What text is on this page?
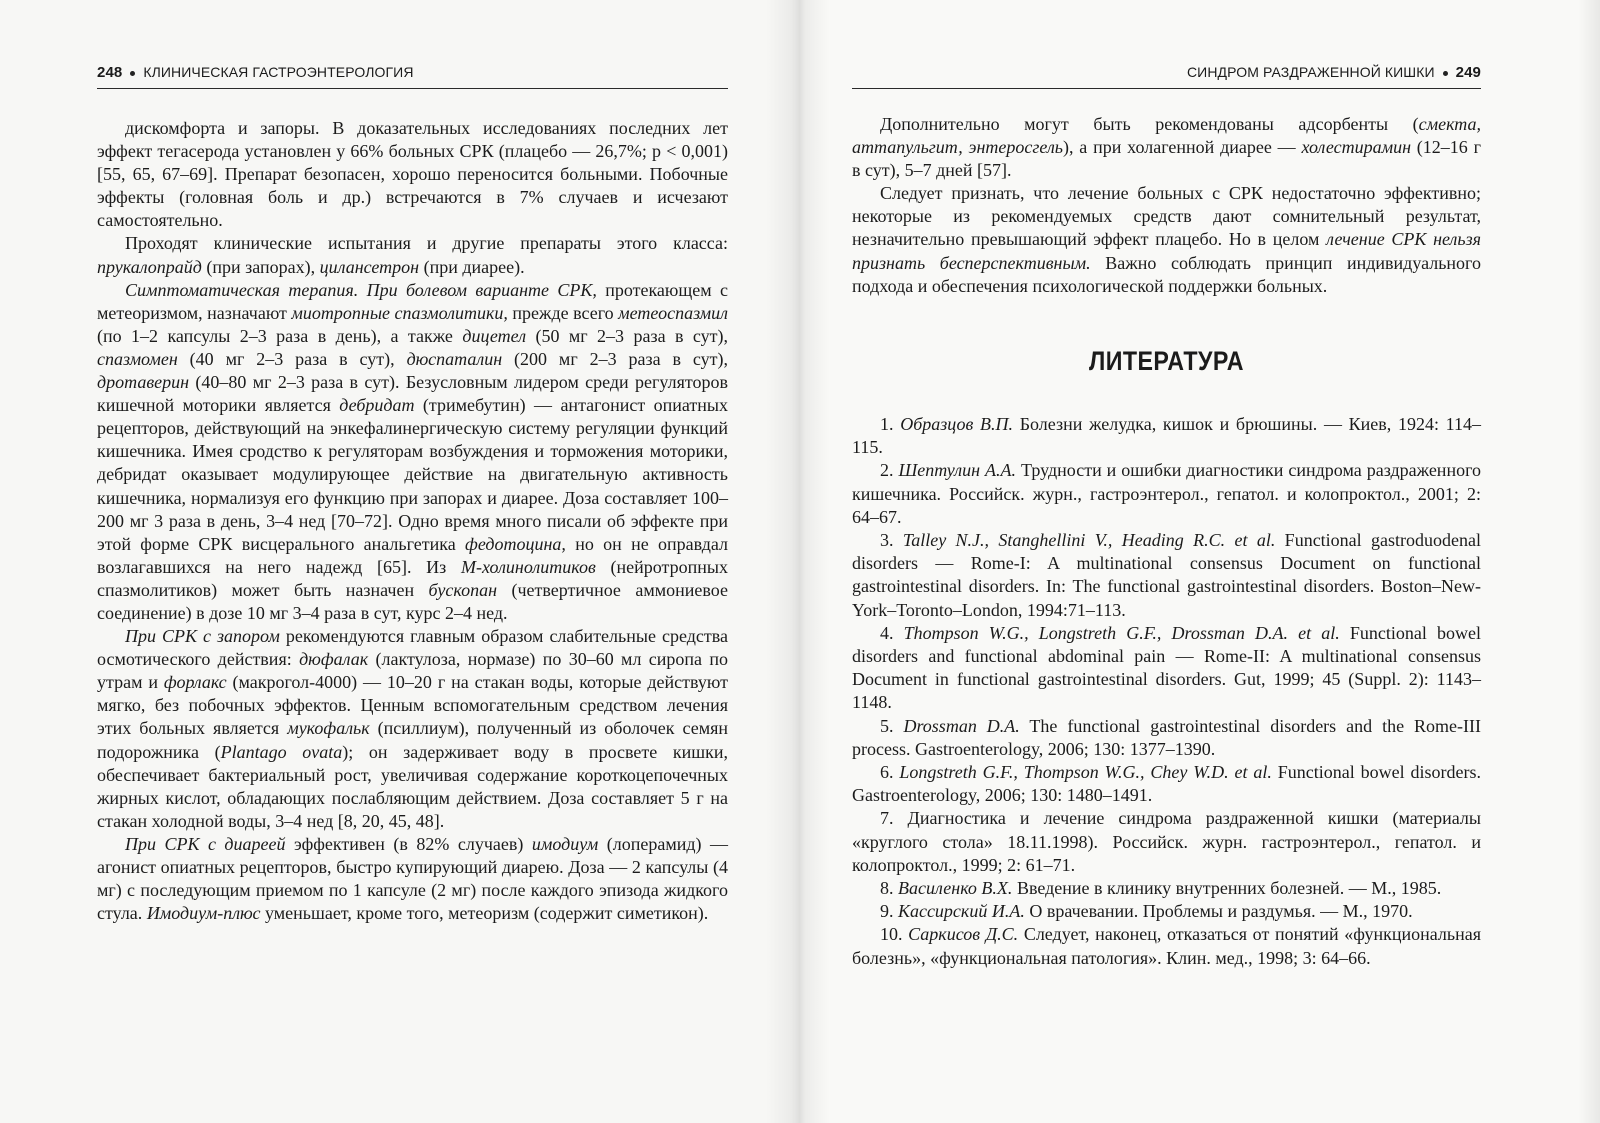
248 КЛИНИЧЕСКАЯ ГАСТРОЭНТЕРОЛОГИЯ

дискомфорта и запоры. В доказательных исследованиях последних лет эффект тегасерода установлен у 66% больных СРК (плацебо — 26,7%; p < 0,001) [55, 65, 67–69]. Препарат безопасен, хорошо переносится больными. Побочные эффекты (головная боль и др.) встречаются в 7% случаев и исчезают самостоятельно.

Проходят клинические испытания и другие препараты этого класса: прукалопрайд (при запорах), цилансетрон (при диарее).

Симптоматическая терапия. При болевом варианте СРК, протекающем с метеоризмом, назначают миотропные спазмолитики, прежде всего метеоспазмил (по 1–2 капсулы 2–3 раза в день), а также дицетел (50 мг 2–3 раза в сут), спазмомен (40 мг 2–3 раза в сут), дюспаталин (200 мг 2–3 раза в сут), дротаверин (40–80 мг 2–3 раза в сут). Безусловным лидером среди регуляторов кишечной моторики является дебридат (тримебутин) — антагонист опиатных рецепторов, действующий на энкефалинергическую систему регуляции функций кишечника. Имея сродство к регуляторам возбуждения и торможения моторики, дебридат оказывает модулирующее действие на двигательную активность кишечника, нормализуя его функцию при запорах и диарее. Доза составляет 100–200 мг 3 раза в день, 3–4 нед [70–72]. Одно время много писали об эффекте при этой форме СРК висцерального анальгетика федотоцина, но он не оправдал возлагавшихся на него надежд [65]. Из М-холинолитиков (нейротропных спазмолитиков) может быть назначен бускопан (четвертичное аммониевое соединение) в дозе 10 мг 3–4 раза в сут, курс 2–4 нед.

При СРК с запором рекомендуются главным образом слабительные средства осмотического действия: дюфалак (лактулоза, нормазе) по 30–60 мл сиропа по утрам и форлакс (макрогол-4000) — 10–20 г на стакан воды, которые действуют мягко, без побочных эффектов. Ценным вспомогательным средством лечения этих больных является мукофальк (псиллиум), полученный из оболочек семян подорожника (Plantago ovata); он задерживает воду в просвете кишки, обеспечивает бактериальный рост, увеличивая содержание короткоцепочечных жирных кислот, обладающих послабляющим действием. Доза составляет 5 г на стакан холодной воды, 3–4 нед [8, 20, 45, 48].

При СРК с диареей эффективен (в 82% случаев) имодиум (лоперамид) — агонист опиатных рецепторов, быстро купирующий диарею. Доза — 2 капсулы (4 мг) с последующим приемом по 1 капсуле (2 мг) после каждого эпизода жидкого стула. Имодиум-плюс уменьшает, кроме того, метеоризм (содержит симетикон).

СИНДРОМ РАЗДРАЖЕННОЙ КИШКИ 249

Дополнительно могут быть рекомендованы адсорбенты (смекта, аттапульгит, энтеросгель), а при холагенной диарее — холестирамин (12–16 г в сут), 5–7 дней [57].

Следует признать, что лечение больных с СРК недостаточно эффективно; некоторые из рекомендуемых средств дают сомнительный результат, незначительно превышающий эффект плацебо. Но в целом лечение СРК нельзя признать бесперспективным. Важно соблюдать принцип индивидуального подхода и обеспечения психологической поддержки больных.

ЛИТЕРАТУРА

1. Образцов В.П. Болезни желудка, кишок и брюшины. — Киев, 1924: 114–115.

2. Шептулин А.А. Трудности и ошибки диагностики синдрома раздраженного кишечника. Российск. журн., гастроэнтерол., гепатол. и колопроктол., 2001; 2: 64–67.

3. Talley N.J., Stanghellini V., Heading R.C. et al. Functional gastroduodenal disorders — Rome-I: A multinational consensus Document on functional gastrointestinal disorders. In: The functional gastrointestinal disorders. Boston–New-York–Toronto–London, 1994:71–113.

4. Thompson W.G., Longstreth G.F., Drossman D.A. et al. Functional bowel disorders and functional abdominal pain — Rome-II: A multinational consensus Document in functional gastrointestinal disorders. Gut, 1999; 45 (Suppl. 2): 1143–1148.

5. Drossman D.A. The functional gastrointestinal disorders and the Rome-III process. Gastroenterology, 2006; 130: 1377–1390.

6. Longstreth G.F., Thompson W.G., Chey W.D. et al. Functional bowel disorders. Gastroenterology, 2006; 130: 1480–1491.

7. Диагностика и лечение синдрома раздраженной кишки (материалы «круглого стола» 18.11.1998). Российск. журн. гастроэнтерол., гепатол. и колопроктол., 1999; 2: 61–71.

8. Василенко В.Х. Введение в клинику внутренних болезней. — М., 1985.

9. Кассирский И.А. О врачевании. Проблемы и раздумья. — М., 1970.

10. Саркисов Д.С. Следует, наконец, отказаться от понятий «функциональная болезнь», «функциональная патология». Клин. мед., 1998; 3: 64–66.
